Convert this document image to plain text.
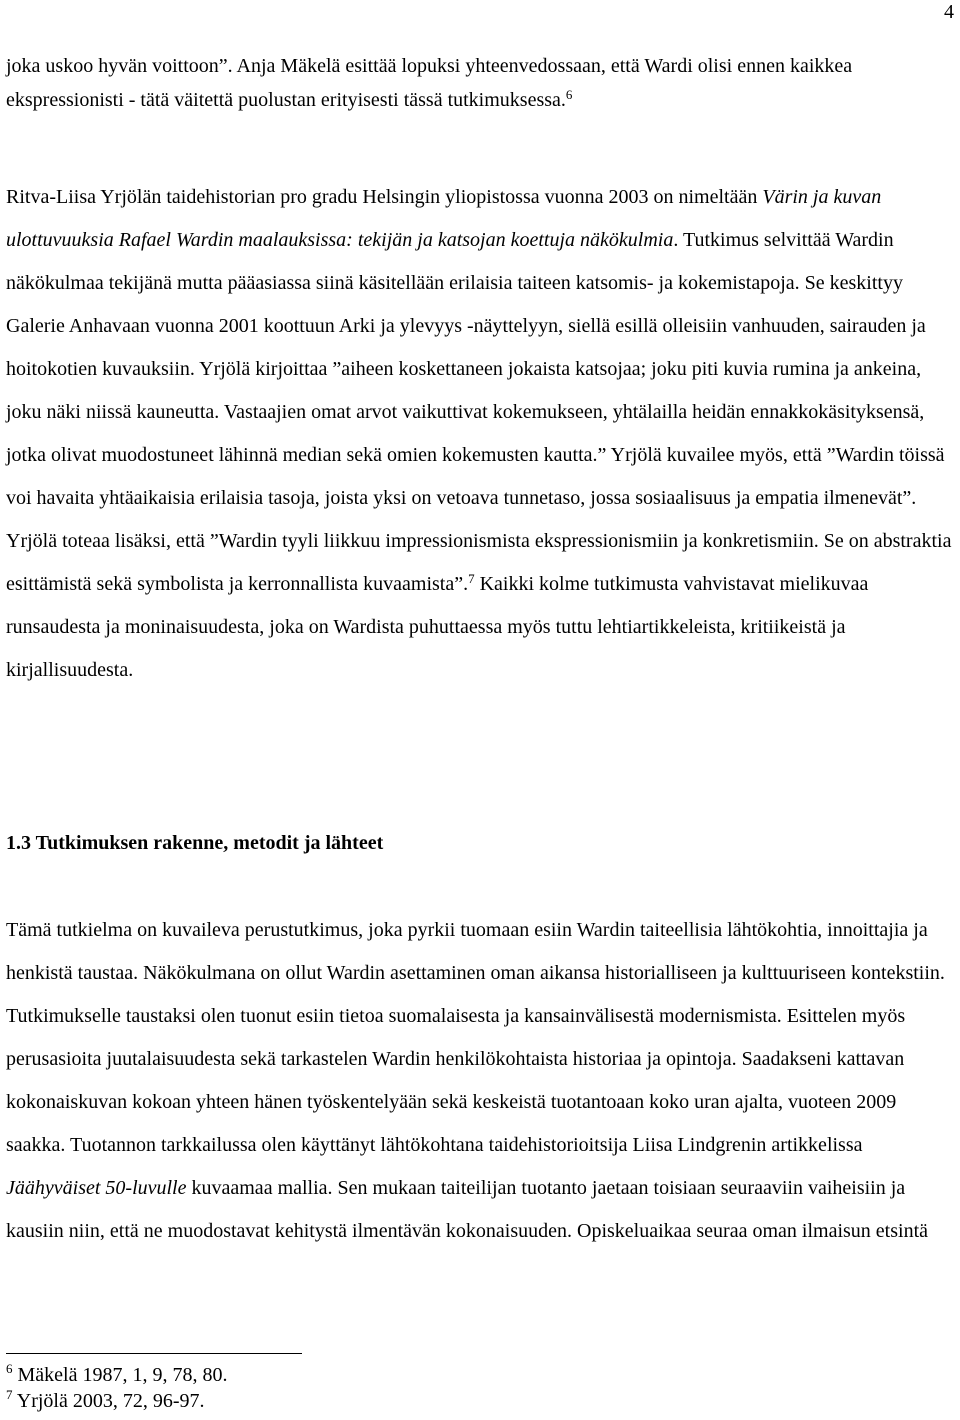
4

joka uskoo hyvän voittoon”. Anja Mäkelä esittää lopuksi yhteenvedossaan, että Wardi olisi ennen kaikkea ekspressionisti - tätä väitettä puolustan erityisesti tässä tutkimuksessa.$^6$

Ritva-Liisa Yrjölän taidehistorian pro gradu Helsingin yliopistossa vuonna 2003 on nimeltään Värin ja kuvan ulottuvuuksia Rafael Wardin maalauksissa: tekijän ja katsojan koettuja näkökulmia. Tutkimus selvittää Wardin näkökulmaa tekijänä mutta pääasiassa siinä käsitellään erilaisia taiteen katsomis- ja kokemistapoja. Se keskittyy Galerie Anhavaan vuonna 2001 koottuun Arki ja ylevyys -näyttelyyn, siellä esillä olleisiin vanhuuden, sairauden ja hoitokotien kuvauksiin. Yrjölä kirjoittaa ”aiheen koskettaneen jokaista katsojaa; joku piti kuvia rumina ja ankeina, joku näki niissä kauneutta. Vastaajien omat arvot vaikuttivat kokemukseen, yhtälailla heidän ennakkokäsityksensä, jotka olivat muodostuneet lähinnä median sekä omien kokemusten kautta.” Yrjölä kuvailee myös, että ”Wardin töissä voi havaita yhtäaikaisia erilaisia tasoja, joista yksi on vetoava tunnetaso, jossa sosiaalisuus ja empatia ilmenevät”. Yrjölä toteaa lisäksi, että ”Wardin tyyli liikkuu impressionismista ekspressionismiin ja konkretismiin. Se on abstraktia esittämistä sekä symbolista ja kerronnallista kuvaamista”.$^7$ Kaikki kolme tutkimusta vahvistavat mielikuvaa runsaudesta ja moninaisuudesta, joka on Wardista puhuttaessa myös tuttu lehtiartikkeleista, kritiikeistä ja kirjallisuudesta.

1.3 Tutkimuksen rakenne, metodit ja lähteet

Tämä tutkielma on kuvaileva perustutkimus, joka pyrkii tuomaan esiin Wardin taiteellisia lähtökohtia, innoittajia ja henkistä taustaa. Näkökulmana on ollut Wardin asettaminen oman aikansa historialliseen ja kulttuuriseen kontekstiin. Tutkimukselle taustaksi olen tuonut esiin tietoa suomalaisesta ja kansainvälisestä modernismista. Esittelen myös perusasioita juutalaisuudesta sekä tarkastelen Wardin henkilökohtaista historiaa ja opintoja. Saadakseni kattavan kokonaiskuvan kokoan yhteen hänen työskentelyään sekä keskeistä tuotantoaan koko uran ajalta, vuoteen 2009 saakka. Tuotannon tarkkailussa olen käyttänyt lähtökohtana taidehistorioitsija Liisa Lindgrenin artikkelissa Jäähyväiset 50-luvulle kuvaamaa mallia. Sen mukaan taiteilijan tuotanto jaetaan toisiaan seuraaviin vaiheisiin ja kausiin niin, että ne muodostavat kehitystä ilmentävän kokonaisuuden. Opiskeluaikaa seuraa oman ilmaisun etsintä

$^6$ Mäkelä 1987, 1, 9, 78, 80.
$^7$ Yrjölä 2003, 72, 96-97.
